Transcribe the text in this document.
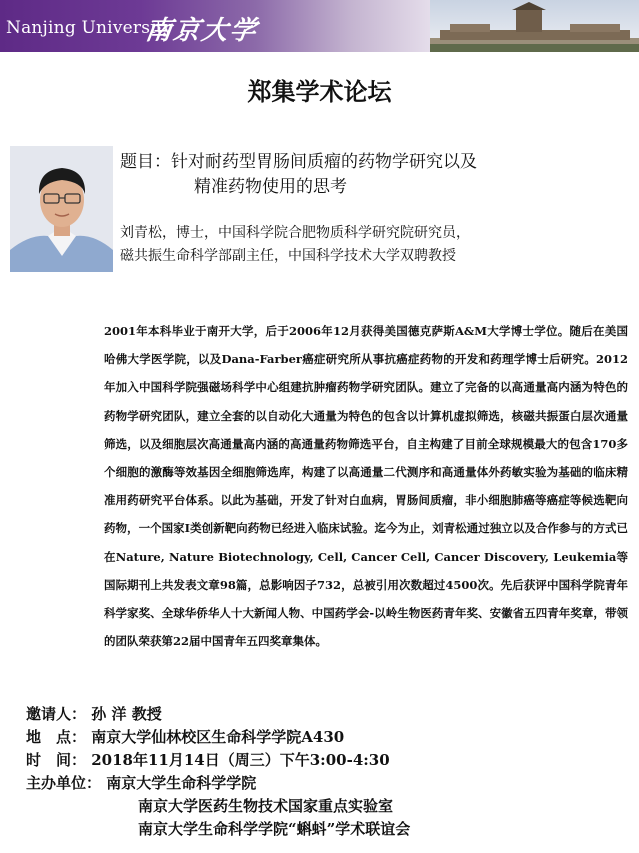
Nanjing University
南京大学
郑集学术论坛
题目：针对耐药型胃肠间质瘤的药物学研究以及
精准药物使用的思考
刘青松，博士，中国科学院合肥物质科学研究院研究员，
磁共振生命科学部副主任，中国科学技术大学双聘教授
2001年本科毕业于南开大学，后于2006年12月获得美国德克萨斯A&M大学博士学位。随后在美国哈佛大学医学院，以及Dana-Farber癌症研究所从事抗癌症药物的开发和药理学博士后研究。2012年加入中国科学院强磁场科学中心组建抗肿瘤药物学研究团队。建立了完备的以高通量高内涵为特色的药物学研究团队，建立全套的以自动化大通量为特色的包含以计算机虚拟筛选，核磁共振蛋白层次通量筛选，以及细胞层次高通量高内涵的高通量药物筛选平台，自主构建了目前全球规模最大的包含170多个细胞的激酶等效基因全细胞筛选库，构建了以高通量二代测序和高通量体外药敏实验为基础的临床精准用药研究平台体系。以此为基础，开发了针对白血病，胃肠间质瘤，非小细胞肺癌等癌症等候选靶向药物，一个国家I类创新靶向药物已经进入临床试验。迄今为止，刘青松通过独立以及合作参与的方式已在Nature, Nature Biotechnology, Cell, Cancer Cell, Cancer Discovery, Leukemia等国际期刊上共发表文章98篇，总影响因子732，总被引用次数超过4500次。先后获评中国科学院青年科学家奖、全球华侨华人十大新闻人物、中国药学会-以岭生物医药青年奖、安徽省五四青年奖章，带领的团队荣获第22届中国青年五四奖章集体。
邀请人： 孙 洋 教授
地　点： 南京大学仙林校区生命科学学院A430
时　间： 2018年11月14日（周三）下午3:00-4:30
主办单位： 南京大学生命科学学院
南京大学医药生物技术国家重点实验室
南京大学生命科学学院“蝌蚪”学术联谊会
